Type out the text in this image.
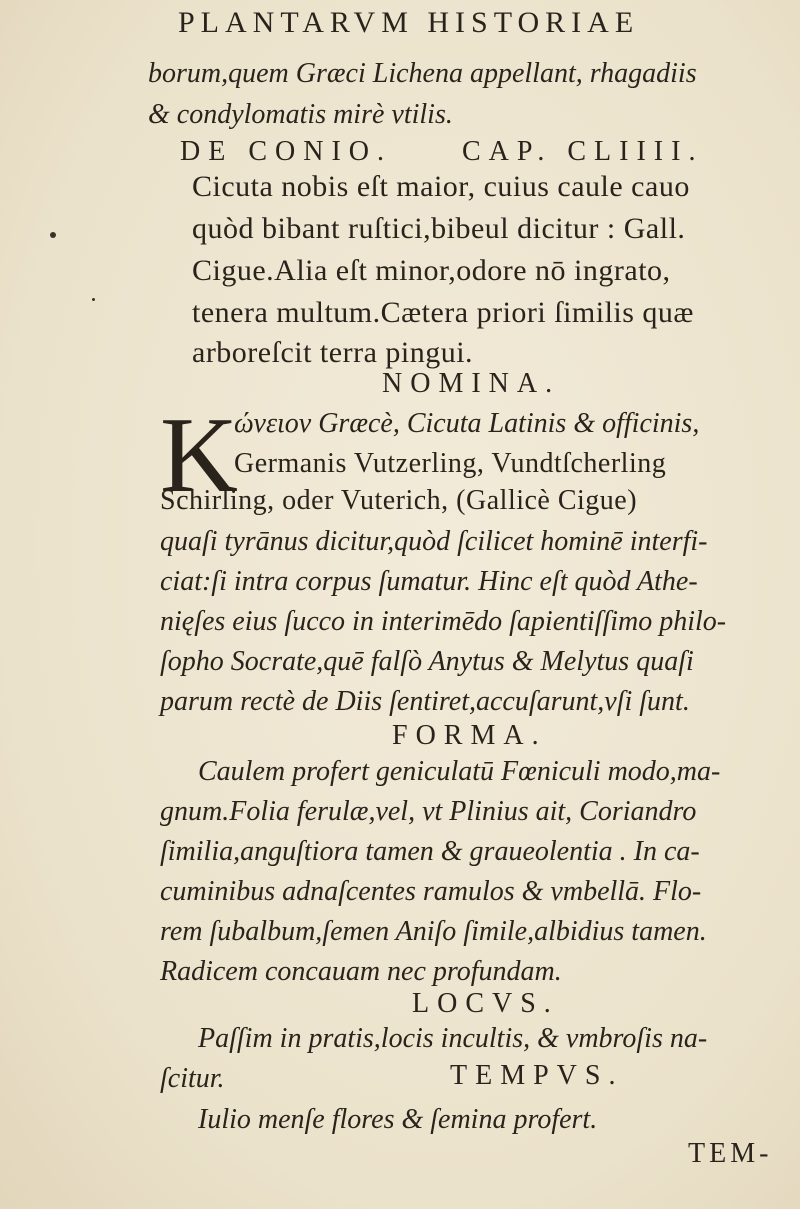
PLANTARVM HISTORIAE
borum,quem Græci Lichena appellant, rhagadiis
& condylomatis mirè vtilis.
DE CONIO.	CAP. CLIIII.
Cicuta nobis eſt maior, cuius caule cauo
quòd bibant ruſtici,bibeul dicitur : Gall.
Cigue.Alia eſt minor,odore nō ingrato,
tenera multum.Cætera priori ſimilis quæ
arboreſcit terra pingui.
NOMINA.
K
ώνειον Græcè, Cicuta Latinis & officinis,
Germanis Vutzerling, Vundtſcherling
Schirling, oder Vuterich, (Gallicè Cigue)
quaſi tyrānus dicitur,quòd ſcilicet hominē interfi-
ciat:ſi intra corpus ſumatur. Hinc eſt quòd Athe-
nięſes eius ſucco in interimēdo ſapientiſſimo philo-
ſopho Socrate,quē falſò Anytus & Melytus quaſi
parum rectè de Diis ſentiret,accuſarunt,vſi ſunt.
FORMA.
Caulem profert geniculatū Fœniculi modo,ma-
gnum.Folia ferulæ,vel, vt Plinius ait, Coriandro
ſimilia,anguſtiora tamen & graueolentia . In ca-
cuminibus adnaſcentes ramulos & vmbellā. Flo-
rem ſubalbum,ſemen Aniſo ſimile,albidius tamen.
Radicem concauam nec profundam.
LOCVS.
Paſſim in pratis,locis incultis, & vmbroſis na-
ſcitur.	TEMPVS.
Iulio menſe flores & ſemina profert.
TEM-
